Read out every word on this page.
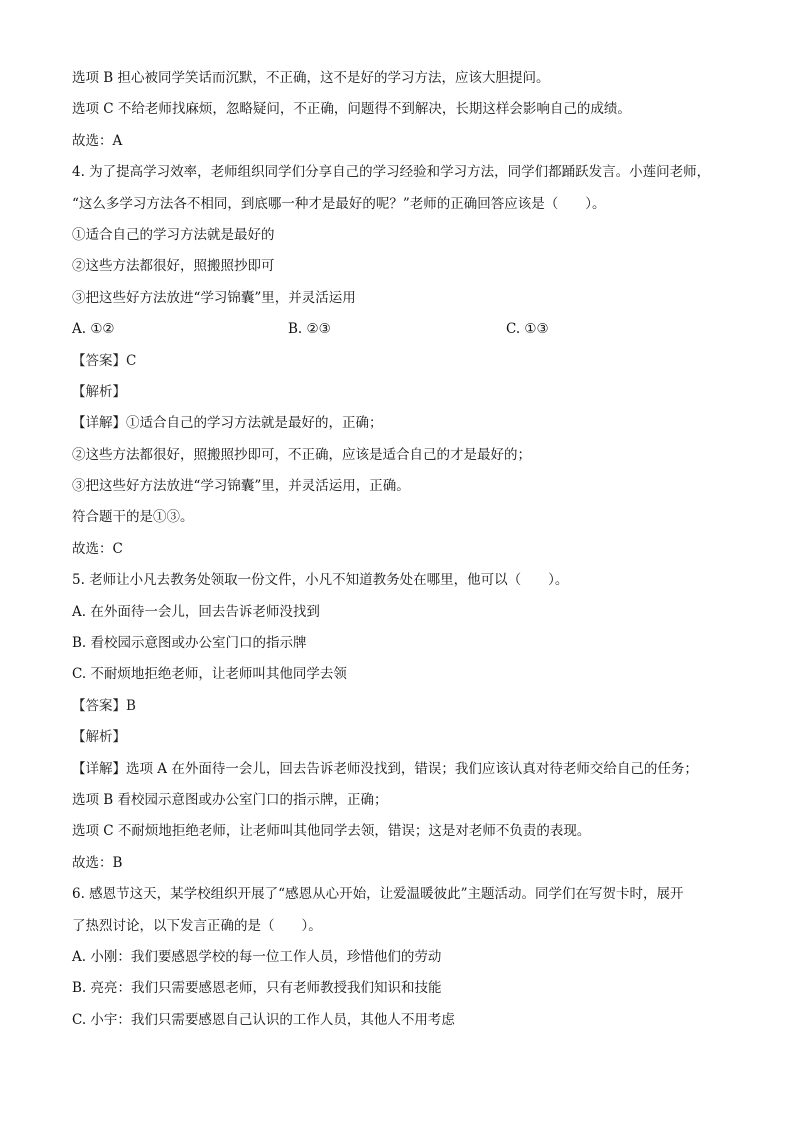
选项 B 担心被同学笑话而沉默，不正确，这不是好的学习方法，应该大胆提问。
选项 C 不给老师找麻烦，忽略疑问，不正确，问题得不到解决，长期这样会影响自己的成绩。
故选：A
4. 为了提高学习效率，老师组织同学们分享自己的学习经验和学习方法，同学们都踊跃发言。小莲问老师，
“这么多学习方法各不相同，到底哪一种才是最好的呢？”老师的正确回答应该是（　　）。
①适合自己的学习方法就是最好的
②这些方法都很好，照搬照抄即可
③把这些好方法放进“学习锦囊”里，并灵活运用
A. ①②	B. ②③	C. ①③
【答案】C
【解析】
【详解】①适合自己的学习方法就是最好的，正确；
②这些方法都很好，照搬照抄即可，不正确，应该是适合自己的才是最好的；
③把这些好方法放进“学习锦囊”里，并灵活运用，正确。
符合题干的是①③。
故选：C
5. 老师让小凡去教务处领取一份文件，小凡不知道教务处在哪里，他可以（　　）。
A. 在外面待一会儿，回去告诉老师没找到
B. 看校园示意图或办公室门口的指示牌
C. 不耐烦地拒绝老师，让老师叫其他同学去领
【答案】B
【解析】
【详解】选项 A 在外面待一会儿，回去告诉老师没找到，错误；我们应该认真对待老师交给自己的任务；
选项 B 看校园示意图或办公室门口的指示牌，正确；
选项 C 不耐烦地拒绝老师，让老师叫其他同学去领，错误；这是对老师不负责的表现。
故选：B
6. 感恩节这天，某学校组织开展了“感恩从心开始，让爱温暖彼此”主题活动。同学们在写贺卡时，展开
了热烈讨论，以下发言正确的是（　　）。
A. 小刚：我们要感恩学校的每一位工作人员，珍惜他们的劳动
B. 亮亮：我们只需要感恩老师，只有老师教授我们知识和技能
C. 小宇：我们只需要感恩自己认识的工作人员，其他人不用考虑
